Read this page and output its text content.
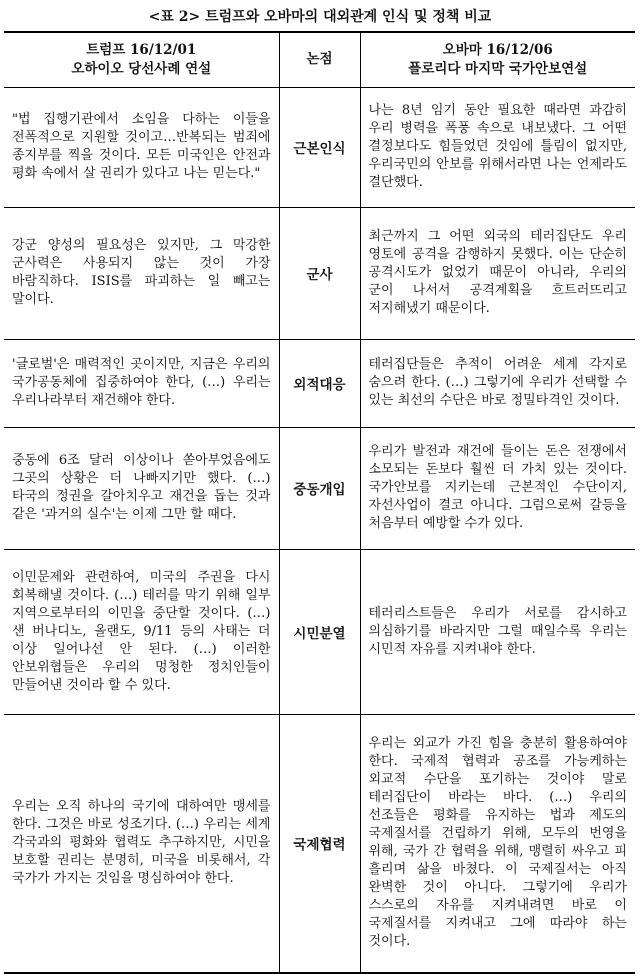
<표 2> 트럼프와 오바마의 대외관계 인식 및 정책 비교
트럼프 16/12/01
오하이오 당선사례 연설	논점	오바마 16/12/06
플로리다 마지막 국가안보연설

"법 집행기관에서 소임을 다하는 이들을 전폭적으로 지원할 것이고…반복되는 범죄에 종지부를 찍을 것이다. 모든 미국인은 안전과 평화 속에서 살 권리가 있다고 나는 믿는다."	근본인식	나는 8년 임기 동안 필요한 때라면 과감히 우리 병력을 폭풍 속으로 내보냈다. 그 어떤 결정보다도 힘들었던 것임에 틀림이 없지만, 우리국민의 안보를 위해서라면 나는 언제라도 결단했다.
강군 양성의 필요성은 있지만, 그 막강한 군사력은 사용되지 않는 것이 가장 바람직하다. ISIS를 파괴하는 일 빼고는 말이다.	군사	최근까지 그 어떤 외국의 테러집단도 우리 영토에 공격을 감행하지 못했다. 이는 단순히 공격시도가 없었기 때문이 아니라, 우리의 군이 나서서 공격계획을 흐트러뜨리고 저지해냈기 때문이다.
'글로벌'은 매력적인 곳이지만, 지금은 우리의 국가공동체에 집중하여야 한다, (…) 우리는 우리나라부터 재건해야 한다.	외적대응	테러집단들은 추적이 어려운 세계 각지로 숨으려 한다. (…) 그렇기에 우리가 선택할 수 있는 최선의 수단은 바로 정밀타격인 것이다.
중동에 6조 달러 이상이나 쏟아부었음에도 그곳의 상황은 더 나빠지기만 했다. (…) 타국의 정권을 갈아치우고 재건을 돕는 것과 같은 '과거의 실수'는 이제 그만 할 때다.	중동개입	우리가 발전과 재건에 들이는 돈은 전쟁에서 소모되는 돈보다 훨씬 더 가치 있는 것이다. 국가안보를 지키는데 근본적인 수단이지, 자선사업이 결코 아니다. 그럼으로써 갈등을 처음부터 예방할 수가 있다.
이민문제와 관련하여, 미국의 주권을 다시 회복해낼 것이다. (…) 테러를 막기 위해 일부 지역으로부터의 이민을 중단할 것이다. (…) 샌 버나디노, 올랜도, 9/11 등의 사태는 더 이상 일어나선 안 된다. (…) 이러한 안보위협들은 우리의 멍청한 정치인들이 만들어낸 것이라 할 수 있다.	시민분열	테러리스트들은 우리가 서로를 감시하고 의심하기를 바라지만 그럴 때일수록 우리는 시민적 자유를 지켜내야 한다.
우리는 오직 하나의 국기에 대하여만 맹세를 한다. 그것은 바로 성조기다. (…) 우리는 세계 각국과의 평화와 협력도 추구하지만, 시민을 보호할 권리는 분명히, 미국을 비롯해서, 각 국가가 가지는 것임을 명심하여야 한다.	국제협력	우리는 외교가 가진 힘을 충분히 활용하여야 한다. 국제적 협력과 공조를 가능케하는 외교적 수단을 포기하는 것이야 말로 테러집단이 바라는 바다. (…) 우리의 선조들은 평화를 유지하는 법과 제도의 국제질서를 건립하기 위해, 모두의 번영을 위해, 국가 간 협력을 위해, 맹렬히 싸우고 피 흘리며 삶을 바쳤다. 이 국제질서는 아직 완벽한 것이 아니다. 그렇기에 우리가 스스로의 자유를 지켜내려면 바로 이 국제질서를 지켜내고 그에 따라야 하는 것이다.
